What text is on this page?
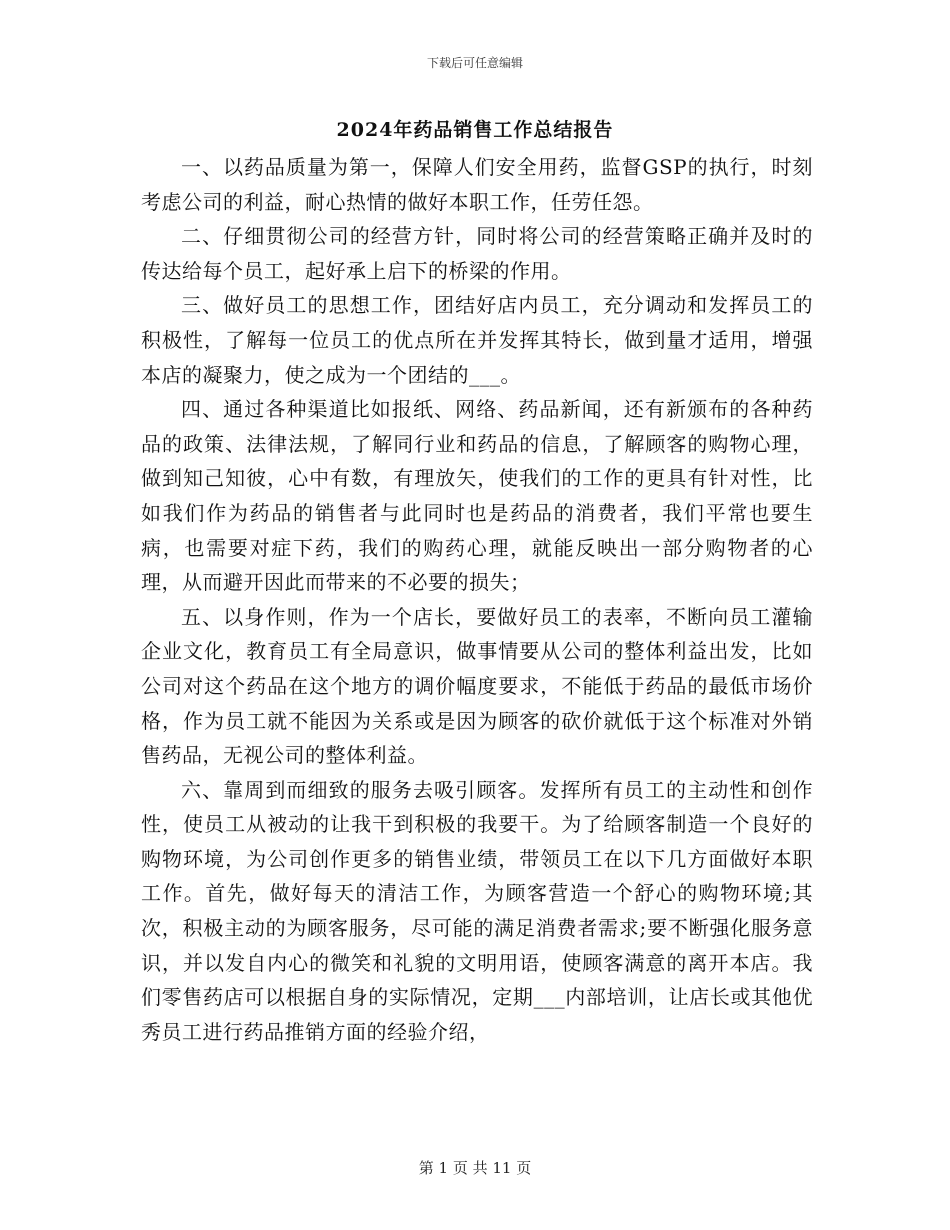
下载后可任意编辑
2024年药品销售工作总结报告

一、以药品质量为第一，保障人们安全用药，监督GSP的执行，时刻考虑公司的利益，耐心热情的做好本职工作，任劳任怨。

二、仔细贯彻公司的经营方针，同时将公司的经营策略正确并及时的传达给每个员工，起好承上启下的桥梁的作用。

三、做好员工的思想工作，团结好店内员工，充分调动和发挥员工的积极性，了解每一位员工的优点所在并发挥其特长，做到量才适用，增强本店的凝聚力，使之成为一个团结的___。

四、通过各种渠道比如报纸、网络、药品新闻，还有新颁布的各种药品的政策、法律法规，了解同行业和药品的信息，了解顾客的购物心理，做到知己知彼，心中有数，有理放矢，使我们的工作的更具有针对性，比如我们作为药品的销售者与此同时也是药品的消费者，我们平常也要生病，也需要对症下药，我们的购药心理，就能反映出一部分购物者的心理，从而避开因此而带来的不必要的损失；

五、以身作则，作为一个店长，要做好员工的表率，不断向员工灌输企业文化，教育员工有全局意识，做事情要从公司的整体利益出发，比如公司对这个药品在这个地方的调价幅度要求，不能低于药品的最低市场价格，作为员工就不能因为关系或是因为顾客的砍价就低于这个标准对外销售药品，无视公司的整体利益。

六、靠周到而细致的服务去吸引顾客。发挥所有员工的主动性和创作性，使员工从被动的让我干到积极的我要干。为了给顾客制造一个良好的购物环境，为公司创作更多的销售业绩，带领员工在以下几方面做好本职工作。首先，做好每天的清洁工作，为顾客营造一个舒心的购物环境;其次，积极主动的为顾客服务，尽可能的满足消费者需求;要不断强化服务意识，并以发自内心的微笑和礼貌的文明用语，使顾客满意的离开本店。我们零售药店可以根据自身的实际情况，定期___内部培训，让店长或其他优秀员工进行药品推销方面的经验介绍，

第 1 页 共 11 页
